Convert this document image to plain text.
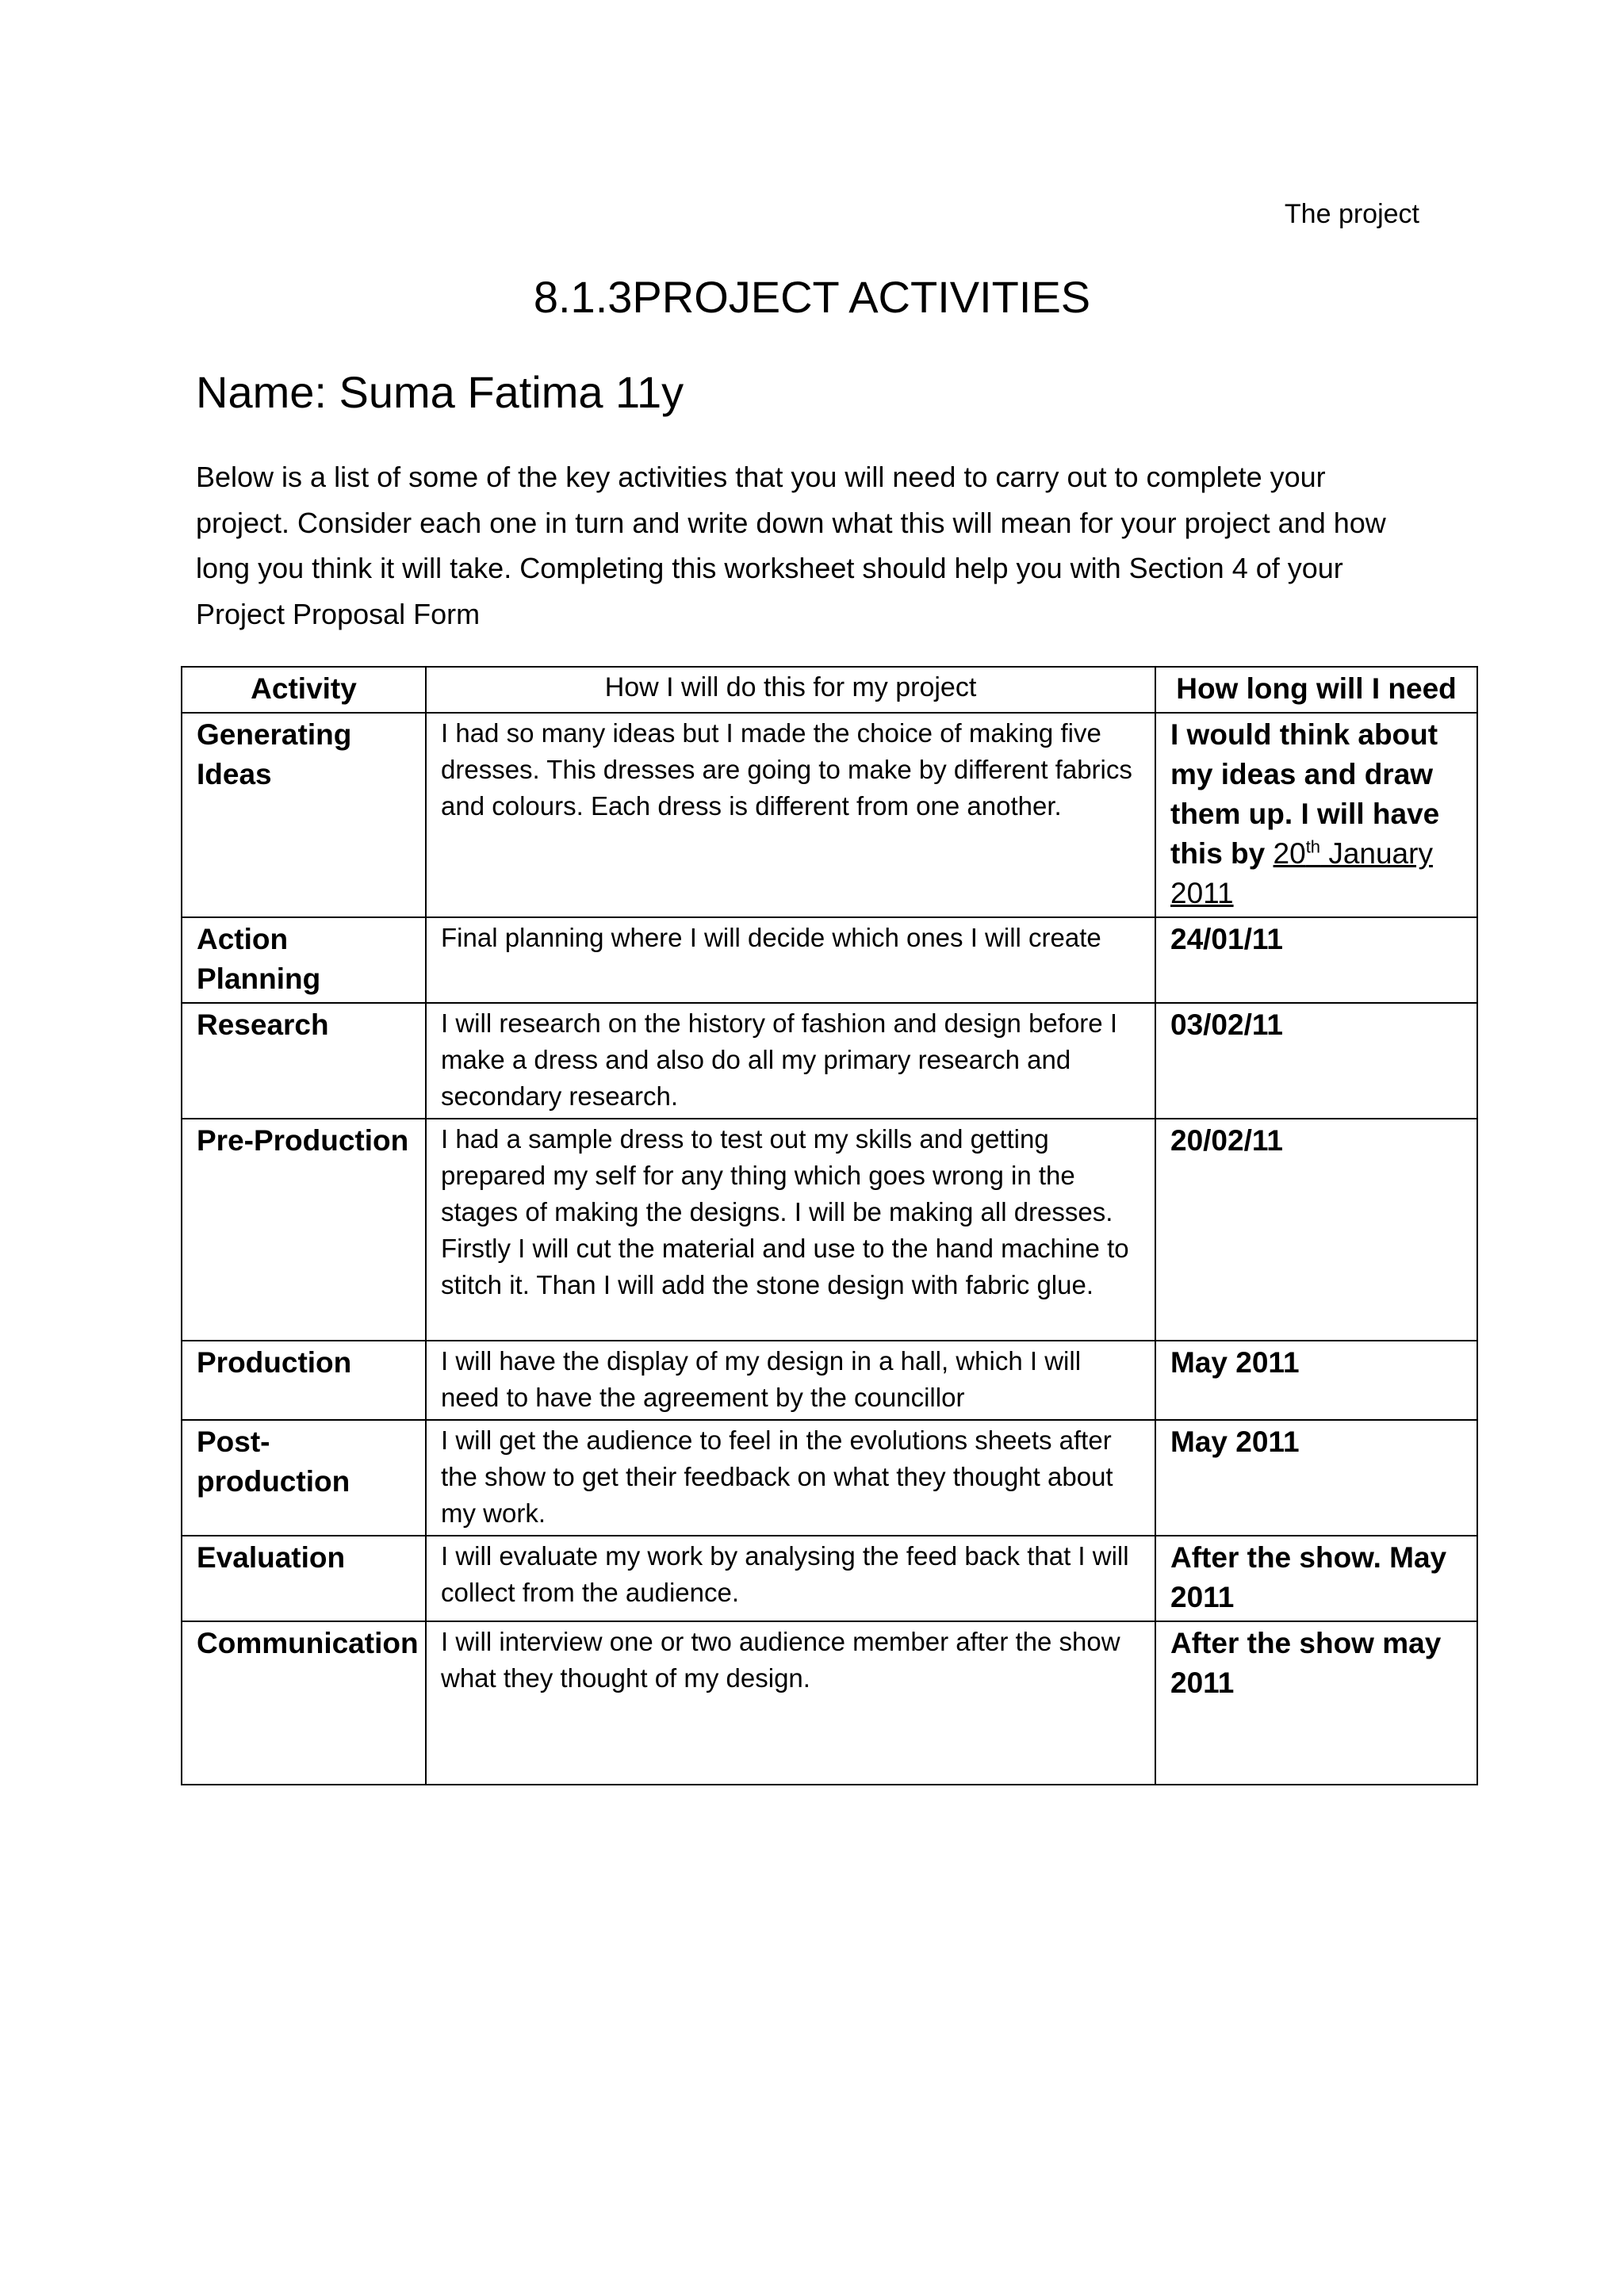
The project
8.1.3PROJECT ACTIVITIES
Name: Suma Fatima 11y
Below is a list of some of the key activities that you will need to carry out to complete your project. Consider each one in turn and write down what this will mean for your project and how long you think it will take. Completing this worksheet should help you with Section 4 of your Project Proposal Form
Activity	How I will do this for my project	How long will I need
Generating Ideas	I had so many ideas but I made the choice of making five dresses. This dresses are going to make by different fabrics and colours. Each dress is different from one another.	I would think about my ideas and draw them up. I will have this by 20th January 2011
Action Planning	Final planning where I will decide which ones I will create	24/01/11
Research	I will research on the history of fashion and design before I make a dress and also do all my primary research and secondary research.	03/02/11
Pre-Production	I had a sample dress to test out my skills and getting prepared my self for any thing which goes wrong in the stages of making the designs. I will be making all dresses. Firstly I will cut the material and use to the hand machine to stitch it. Than I will add the stone design with fabric glue.	20/02/11
Production	I will have the display of my design in a hall, which I will need to have the agreement by the councillor	May 2011
Post-production	I will get the audience to feel in the evolutions sheets after the show to get their feedback on what they thought about my work.	May 2011
Evaluation	I will evaluate my work by analysing the feed back that I will collect from the audience.	After the show. May 2011
Communication	I will interview one or two audience member after the show what they thought of my design.	After the show may 2011
